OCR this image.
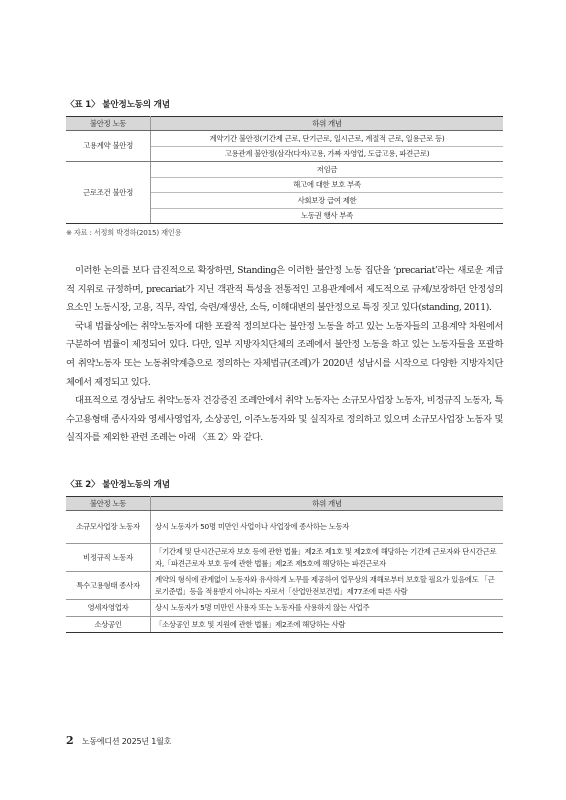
〈표 1〉 불안정노동의 개념
불안정 노동	하위 개념
고용계약 불안정	계약기간 불안정(기간제 근로, 단기근로, 일시근로, 계절적 근로, 일용근로 등)
	고용관계 불안정(삼각(다자)고용, 가짜 자영업, 도급고용, 파견근로)
근로조건 불안정	저임금
	해고에 대한 보호 부족
	사회보장 급여 제한
	노동권 행사 부족
※ 자료 : 서정희 박경하(2015) 재인용

이러한 논의를 보다 급진적으로 확장하면, Standing은 이러한 불안정 노동 집단을 ‘precariat’라는 새로운 계급적 지위로 규정하며, precariat가 지닌 객관적 특성을 전통적인 고용관계에서 제도적으로 규제/보장하던 안정성의 요소인 노동시장, 고용, 직무, 작업, 숙련/재생산, 소득, 이해대변의 불안정으로 특징 짓고 있다(standing, 2011).

국내 법률상에는 취약노동자에 대한 포괄적 정의보다는 불안정 노동을 하고 있는 노동자들의 고용계약 차원에서 구분하여 법률이 제정되어 있다. 다만, 일부 지방자치단체의 조례에서 불안정 노동을 하고 있는 노동자들을 포괄하여 취약노동자 또는 노동취약계층으로 정의하는 자체법규(조례)가 2020년 성남시를 시작으로 다양한 지방자치단체에서 제정되고 있다.

대표적으로 경상남도 취약노동자 건강증진 조례안에서 취약 노동자는 소규모사업장 노동자, 비정규직 노동자, 특수고용형태 종사자와 영세사영업자, 소상공인, 이주노동자와 및 실직자로 정의하고 있으며 소규모사업장 노동자 및 실직자를 제외한 관련 조례는 아래 〈표 2〉와 같다.

〈표 2〉 불안정노동의 개념
불안정 노동	하위 개념
소규모사업장 노동자	상시 노동자가 50명 미만인 사업이나 사업장에 종사하는 노동자
비정규직 노동자	「기간제 및 단시간근로자 보호 등에 관한 법률」제2조 제1호 및 제2호에 해당하는 기간제 근로자와 단시간근로자,「파견근로자 보호 등에 관한 법률」제2조 제5호에 해당하는 파견근로자
특수고용형태 종사자	계약의 형식에 관계없이 노동자와 유사하게 노무를 제공하여 업무상의 재해로부터 보호할 필요가 있음에도 「근로기준법」등을 적용받지 아니하는 자로서「산업안전보건법」제77조에 따른 사람
영세자영업자	상시 노동자가 5명 미만인 사용자 또는 노동자를 사용하지 않는 사업주
소상공인	「소상공인 보호 및 지원에 관한 법률」제2조에 해당하는 사람
2 노동에디션 2025년 1월호
